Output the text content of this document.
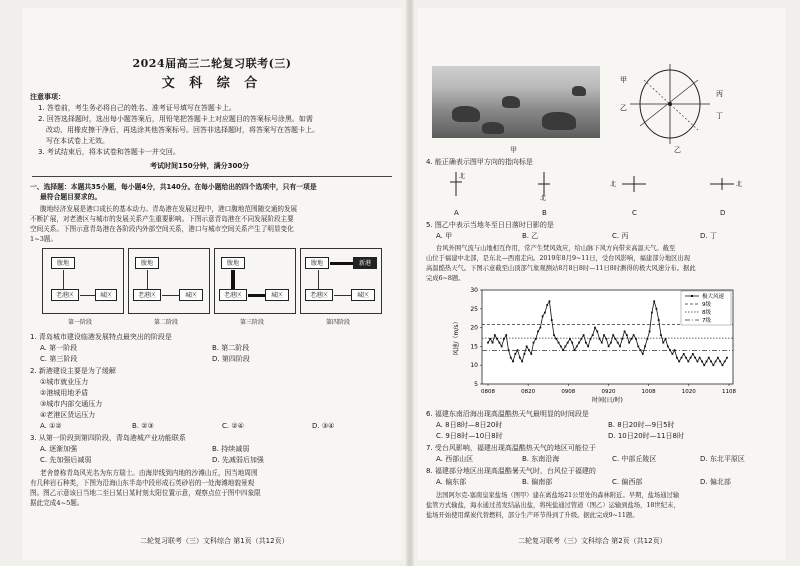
2024届高三二轮复习联考(三)
文 科 综 合
注意事项：
1. 答卷前，考生务必将自己的姓名、准考证号填写在答题卡上。
2. 回答选择题时，选出每小题答案后，用铅笔把答题卡上对应题目的答案标号涂黑。如需
改动，用橡皮擦干净后，再选涂其他答案标号。回答非选择题时，将答案写在答题卡上。
写在本试卷上无效。
3. 考试结束后，将本试卷和答题卡一并交回。
考试时间150分钟，满分300分
一、选择题：本题共35小题，每小题4分，共140分。在每小题给出的四个选项中，只有一项是
最符合题目要求的。
腹地经济发展是港口成长的基本动力。青岛港在发展过程中，港口腹地范围随交通的发展
不断扩展，对老港区与城市的发展关系产生重要影响。下图示意青岛港在不同发展阶段主要
空间关系。下图示意青岛港在各阶段内外部空间关系，港口与城市空间关系产生了明显变化
1~3题。
腹地
老港区	城区
腹地
老港区	城区
腹地
老港区	城区
腹地	新港
老港区	城区
第一阶段	第二阶段	第三阶段	第四阶段
1. 青岛城市建设临港发展特点最突出的阶段是
A. 第一阶段	B. 第二阶段
C. 第三阶段	D. 第四阶段
2. 新港建设主要是为了缓解
①城市就业压力
②港城用地矛盾
③城市内部交通压力
④老港区货运压力
A. ①②	B. ②③	C. ②④	D. ③④
3. 从第一阶段到第四阶段，青岛港城产业功能联系
A. 逐渐加强	B. 持续减弱
C. 先加强后减弱	D. 先减弱后加强
老舍曾称青岛风光名为东方瑞士。由海岸线到内地的沙滩山丘，因当地周围
有几种岩石种类，下图为沿海山东半岛中段形成石英砂岩的一处海滩地貌景观
图。图乙示意该日当地二至日某日某时刻太阳位置示意，观察点位于图中四象限
据此完成4~5题。
二轮复习联考（三）文科综合 第1页（共12页）
甲
甲
乙
丙
丁
乙
4. 能正确表示图甲方向的指向标是
北
北
北	北
A	B	C	D
5. 图乙中表示当地冬至日日落时日影的是
A. 甲	B. 乙	C. 丙	D. 丁
台风外围气流与山地相互作用，常产生焚风效应，给山脉下风方向带来高温天气。截至
山位于福建中北部，是东北—西南走向。2019年8月9~11日，受台风影响，福建部分地区出现
高温酷热天气。下图示意截至山顶部气象观测站8月8日8时—11日8时测得的极大风速分布。据此
完成6~8题。
5
10
15
20
25
30
风速/（m/s）
0808	0820	0908	0920	1008	1020	1108
时间(日/时)
极大风速
9级
8级
7级
6. 福建东南沿海出现高温酷热天气最明显的时间段是
A. 8日8时—8日20时	B. 8日20时—9日5时
C. 9日8时—10日8时	D. 10日20时—11日8时
7. 受台风影响，福建出现高温酷热天气的地区可能位于
A. 西部山区	B. 东南沿海	C. 中部丘陵区	D. 东北平原区
8. 福建部分地区出现高温酷暑天气时，台风位于福建的
A. 偏东部	B. 偏南部	C. 偏西部	D. 偏北部
法国阿尔克-塞南皇家盐场（图甲）建在离盐场21公里处的森林附近。早期，盐场通过输
盐管方式输盐，海水通过蒸发结晶出盐，将纯盐通过管道（图乙）运输到盐场，18世纪末，
盐场开始使用煤炭代替燃料，部分生产环节得到了升级。据此完成9~11题。
二轮复习联考（三）文科综合 第2页（共12页）
